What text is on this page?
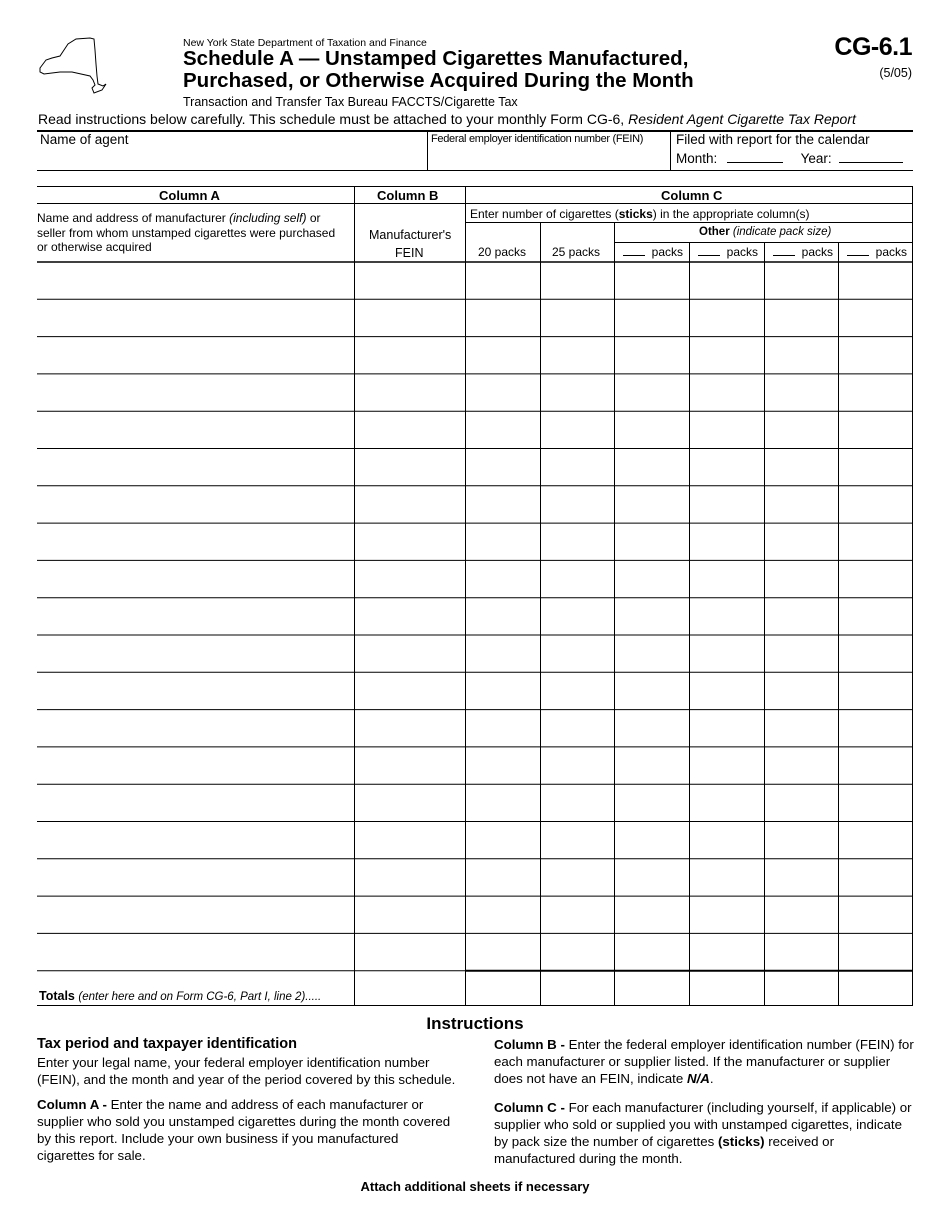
New York State Department of Taxation and Finance
Schedule A — Unstamped Cigarettes Manufactured,
Purchased, or Otherwise Acquired During the Month
Transaction and Transfer Tax Bureau FACCTS/Cigarette Tax
CG-6.1
(5/05)
Read instructions below carefully. This schedule must be attached to your monthly Form CG-6, Resident Agent Cigarette Tax Report
Name of agent	Federal employer identification number (FEIN) Filed with report for the calendar
Month:	Year:
Column A	Column B	Column C
Name and address of manufacturer (including self) or
seller from whom unstamped cigarettes were purchased
or otherwise acquired
Manufacturer's
FEIN
Enter number of cigarettes (sticks) in the appropriate column(s)
Other (indicate pack size)
20 packs 25 packs	packs	packs	packs	packs
Totals (enter here and on Form CG-6, Part I, line 2).....
Instructions
Tax period and taxpayer identification

Enter your legal name, your federal employer identification number (FEIN), and the month and year of the period covered by this schedule.

Column A - Enter the name and address of each manufacturer or supplier who sold you unstamped cigarettes during the month covered by this report. Include your own business if you manufactured cigarettes for sale.

Column B - Enter the federal employer identification number (FEIN) for each manufacturer or supplier listed. If the manufacturer or supplier does not have an FEIN, indicate N/A.

Column C - For each manufacturer (including yourself, if applicable) or supplier who sold or supplied you with unstamped cigarettes, indicate by pack size the number of cigarettes (sticks) received or manufactured during the month.

Attach additional sheets if necessary
